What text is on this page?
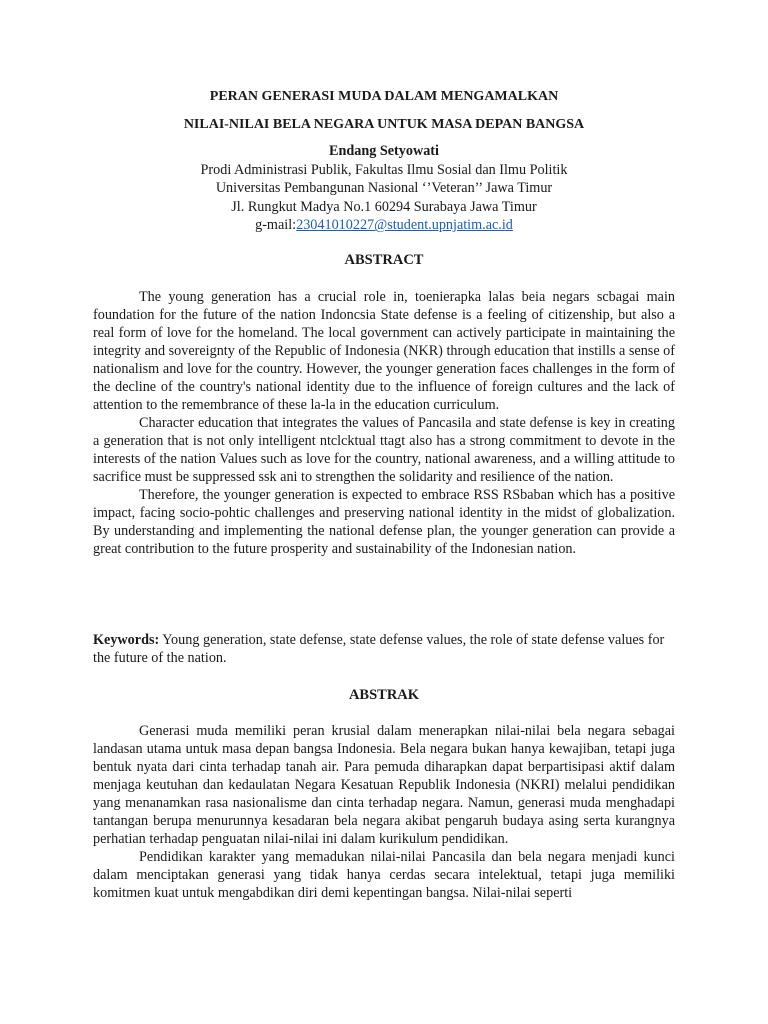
PERAN GENERASI MUDA DALAM MENGAMALKAN
NILAI-NILAI BELA NEGARA UNTUK MASA DEPAN BANGSA
Endang Setyowati
Prodi Administrasi Publik, Fakultas Ilmu Sosial dan Ilmu Politik
Universitas Pembangunan Nasional ‘’Veteran’’ Jawa Timur
Jl. Rungkut Madya No.1 60294 Surabaya Jawa Timur
g-mail:23041010227@student.upnjatim.ac.id
ABSTRACT

The young generation has a crucial role in, toenierapka lalas beia negars scbagai main foundation for the future of the nation Indoncsia State defense is a feeling of citizenship, but also a real form of love for the homeland. The local government can actively participate in maintaining the integrity and sovereignty of the Republic of Indonesia (NKR) through education that instills a sense of nationalism and love for the country. However, the younger generation faces challenges in the form of the decline of the country's national identity due to the influence of foreign cultures and the lack of attention to the remembrance of these la-la in the education curriculum.

Character education that integrates the values of Pancasila and state defense is key in creating a generation that is not only intelligent ntclcktual ttagt also has a strong commitment to devote in the interests of the nation Values such as love for the country, national awareness, and a willing attitude to sacrifice must be suppressed ssk ani to strengthen the solidarity and resilience of the nation.

Therefore, the younger generation is expected to embrace RSS RSbaban which has a positive impact, facing socio-pohtic challenges and preserving national identity in the midst of globalization. By understanding and implementing the national defense plan, the younger generation can provide a great contribution to the future prosperity and sustainability of the Indonesian nation.

Keywords: Young generation, state defense, state defense values, the role of state defense values for the future of the nation.

ABSTRAK

Generasi muda memiliki peran krusial dalam menerapkan nilai-nilai bela negara sebagai landasan utama untuk masa depan bangsa Indonesia. Bela negara bukan hanya kewajiban, tetapi juga bentuk nyata dari cinta terhadap tanah air. Para pemuda diharapkan dapat berpartisipasi aktif dalam menjaga keutuhan dan kedaulatan Negara Kesatuan Republik Indonesia (NKRI) melalui pendidikan yang menanamkan rasa nasionalisme dan cinta terhadap negara. Namun, generasi muda menghadapi tantangan berupa menurunnya kesadaran bela negara akibat pengaruh budaya asing serta kurangnya perhatian terhadap penguatan nilai-nilai ini dalam kurikulum pendidikan.

Pendidikan karakter yang memadukan nilai-nilai Pancasila dan bela negara menjadi kunci dalam menciptakan generasi yang tidak hanya cerdas secara intelektual, tetapi juga memiliki komitmen kuat untuk mengabdikan diri demi kepentingan bangsa. Nilai-nilai seperti
